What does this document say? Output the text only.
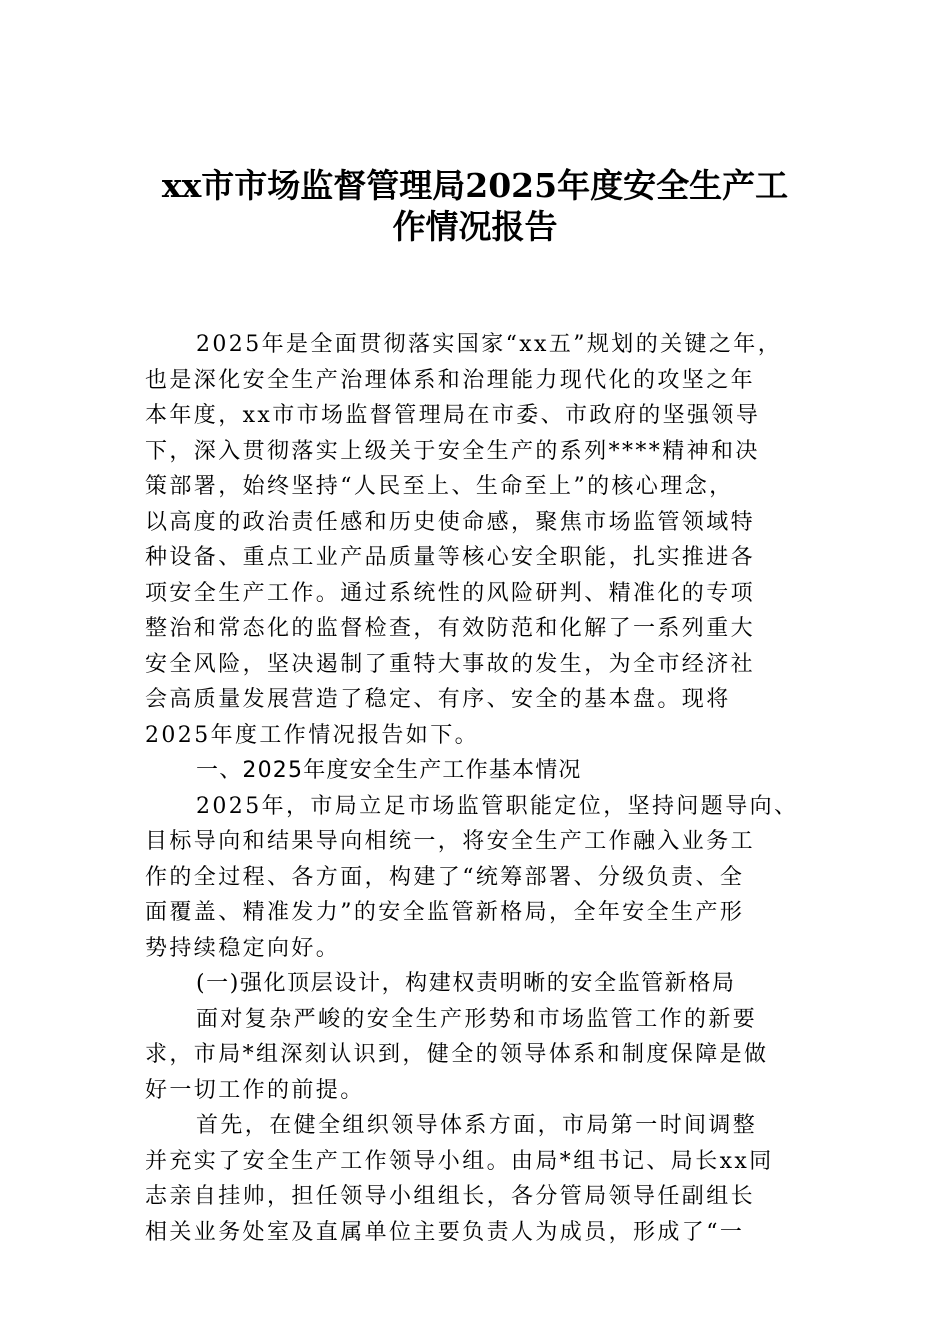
xx市市场监督管理局2025年度安全生产工
作情况报告
2025年是全面贯彻落实国家“xx五”规划的关键之年，
也是深化安全生产治理体系和治理能力现代化的攻坚之年
本年度，xx市市场监督管理局在市委、市政府的坚强领导
下，深入贯彻落实上级关于安全生产的系列****精神和决
策部署，始终坚持“人民至上、生命至上”的核心理念，
以高度的政治责任感和历史使命感，聚焦市场监管领域特
种设备、重点工业产品质量等核心安全职能，扎实推进各
项安全生产工作。通过系统性的风险研判、精准化的专项
整治和常态化的监督检查，有效防范和化解了一系列重大
安全风险，坚决遏制了重特大事故的发生，为全市经济社
会高质量发展营造了稳定、有序、安全的基本盘。现将
2025年度工作情况报告如下。
一、2025年度安全生产工作基本情况
2025年，市局立足市场监管职能定位，坚持问题导向、
目标导向和结果导向相统一，将安全生产工作融入业务工
作的全过程、各方面，构建了“统筹部署、分级负责、全
面覆盖、精准发力”的安全监管新格局，全年安全生产形
势持续稳定向好。
(一)强化顶层设计，构建权责明晰的安全监管新格局
面对复杂严峻的安全生产形势和市场监管工作的新要
求，市局*组深刻认识到，健全的领导体系和制度保障是做
好一切工作的前提。
首先，在健全组织领导体系方面，市局第一时间调整
并充实了安全生产工作领导小组。由局*组书记、局长xx同
志亲自挂帅，担任领导小组组长，各分管局领导任副组长
相关业务处室及直属单位主要负责人为成员，形成了“一
